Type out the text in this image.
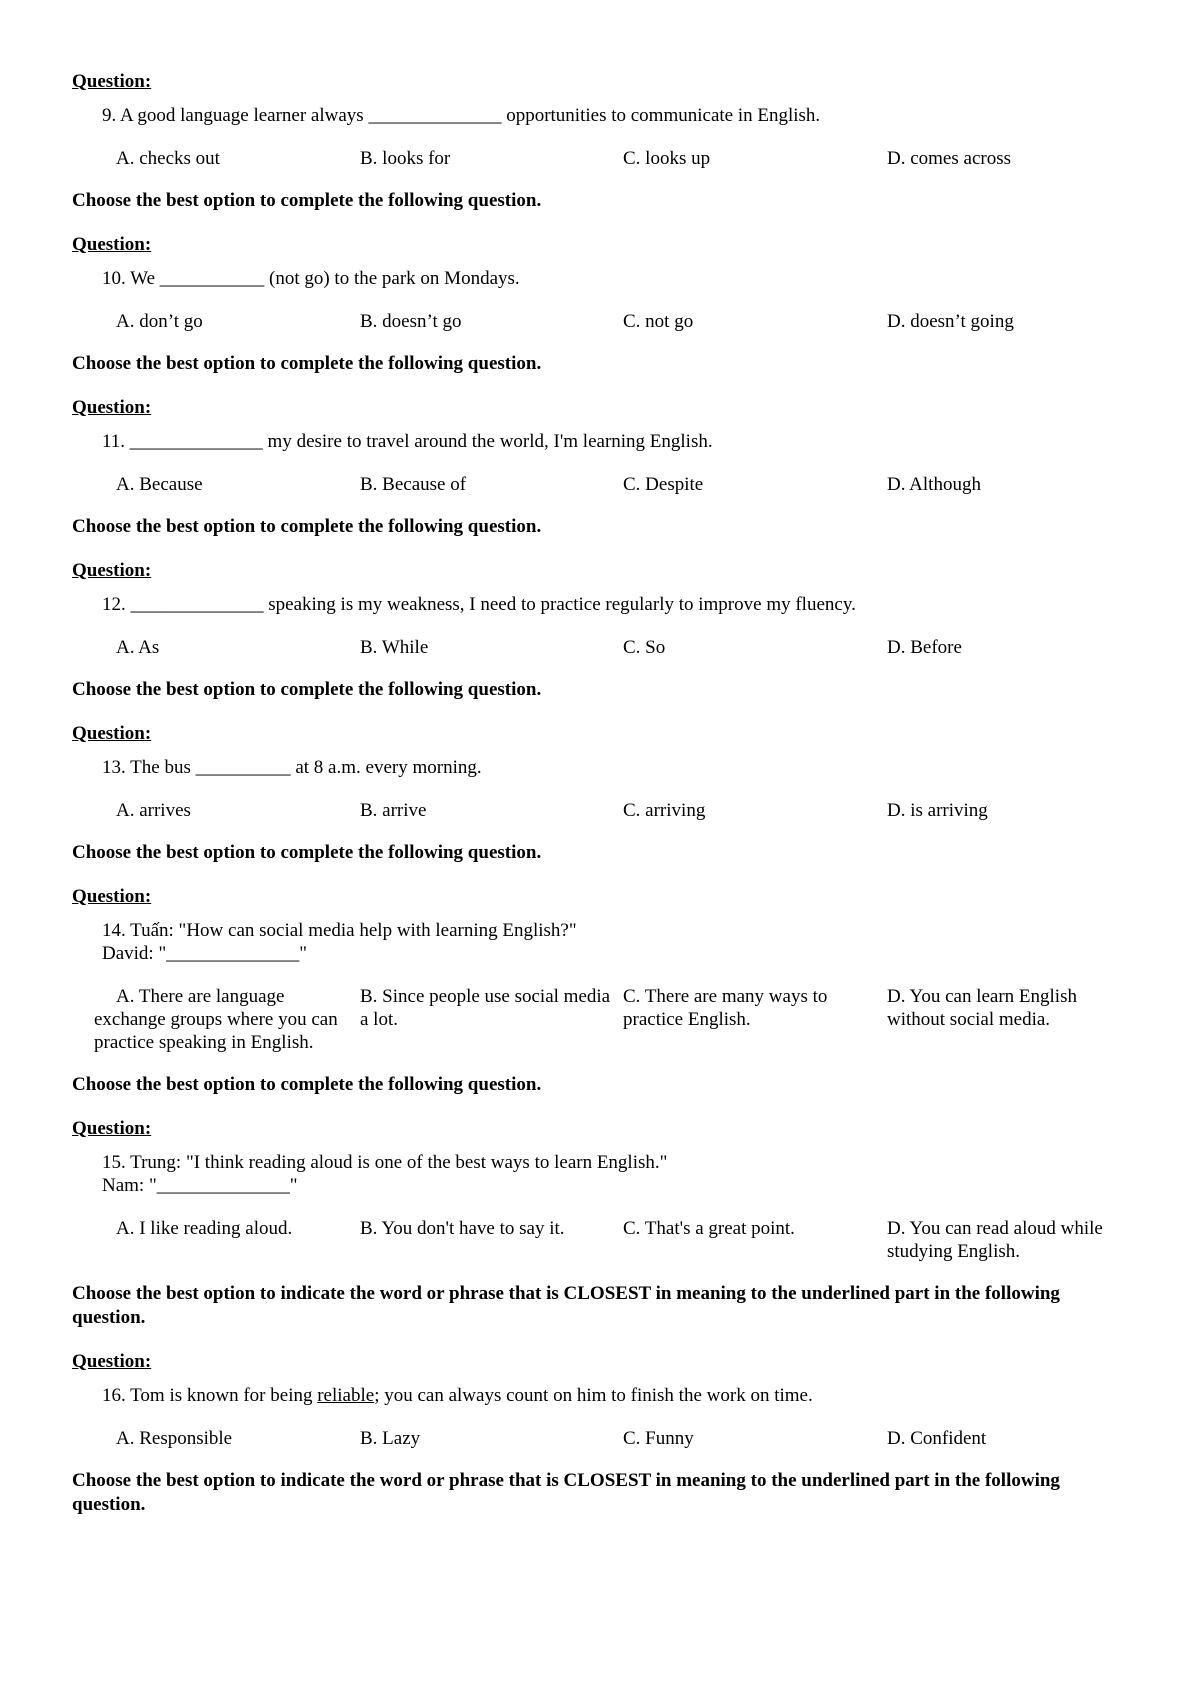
Question:
9. A good language learner always ______________ opportunities to communicate in English.
A. checks out	B. looks for	C. looks up	D. comes across
Choose the best option to complete the following question.
Question:
10. We ___________ (not go) to the park on Mondays.
A. don’t go	B. doesn’t go	C. not go	D. doesn’t going
Choose the best option to complete the following question.
Question:
11. ______________ my desire to travel around the world, I'm learning English.
A. Because	B. Because of	C. Despite	D. Although
Choose the best option to complete the following question.
Question:
12. ______________ speaking is my weakness, I need to practice regularly to improve my fluency.
A. As	B. While	C. So	D. Before
Choose the best option to complete the following question.
Question:
13. The bus __________ at 8 a.m. every morning.
A. arrives	B. arrive	C. arriving	D. is arriving
Choose the best option to complete the following question.
Question:
14. Tuấn: "How can social media help with learning English?"
David: "______________"
A. There are language exchange groups where you can practice speaking in English.
B. Since people use social media a lot.
C. There are many ways to practice English.
D. You can learn English without social media.
Choose the best option to complete the following question.
Question:
15. Trung: "I think reading aloud is one of the best ways to learn English."
Nam: "______________"
A. I like reading aloud.	B. You don't have to say it.	C. That's a great point.	D. You can read aloud while studying English.
Choose the best option to indicate the word or phrase that is CLOSEST in meaning to the underlined part in the following question.
Question:
16. Tom is known for being reliable; you can always count on him to finish the work on time.
A. Responsible	B. Lazy	C. Funny	D. Confident
Choose the best option to indicate the word or phrase that is CLOSEST in meaning to the underlined part in the following question.
